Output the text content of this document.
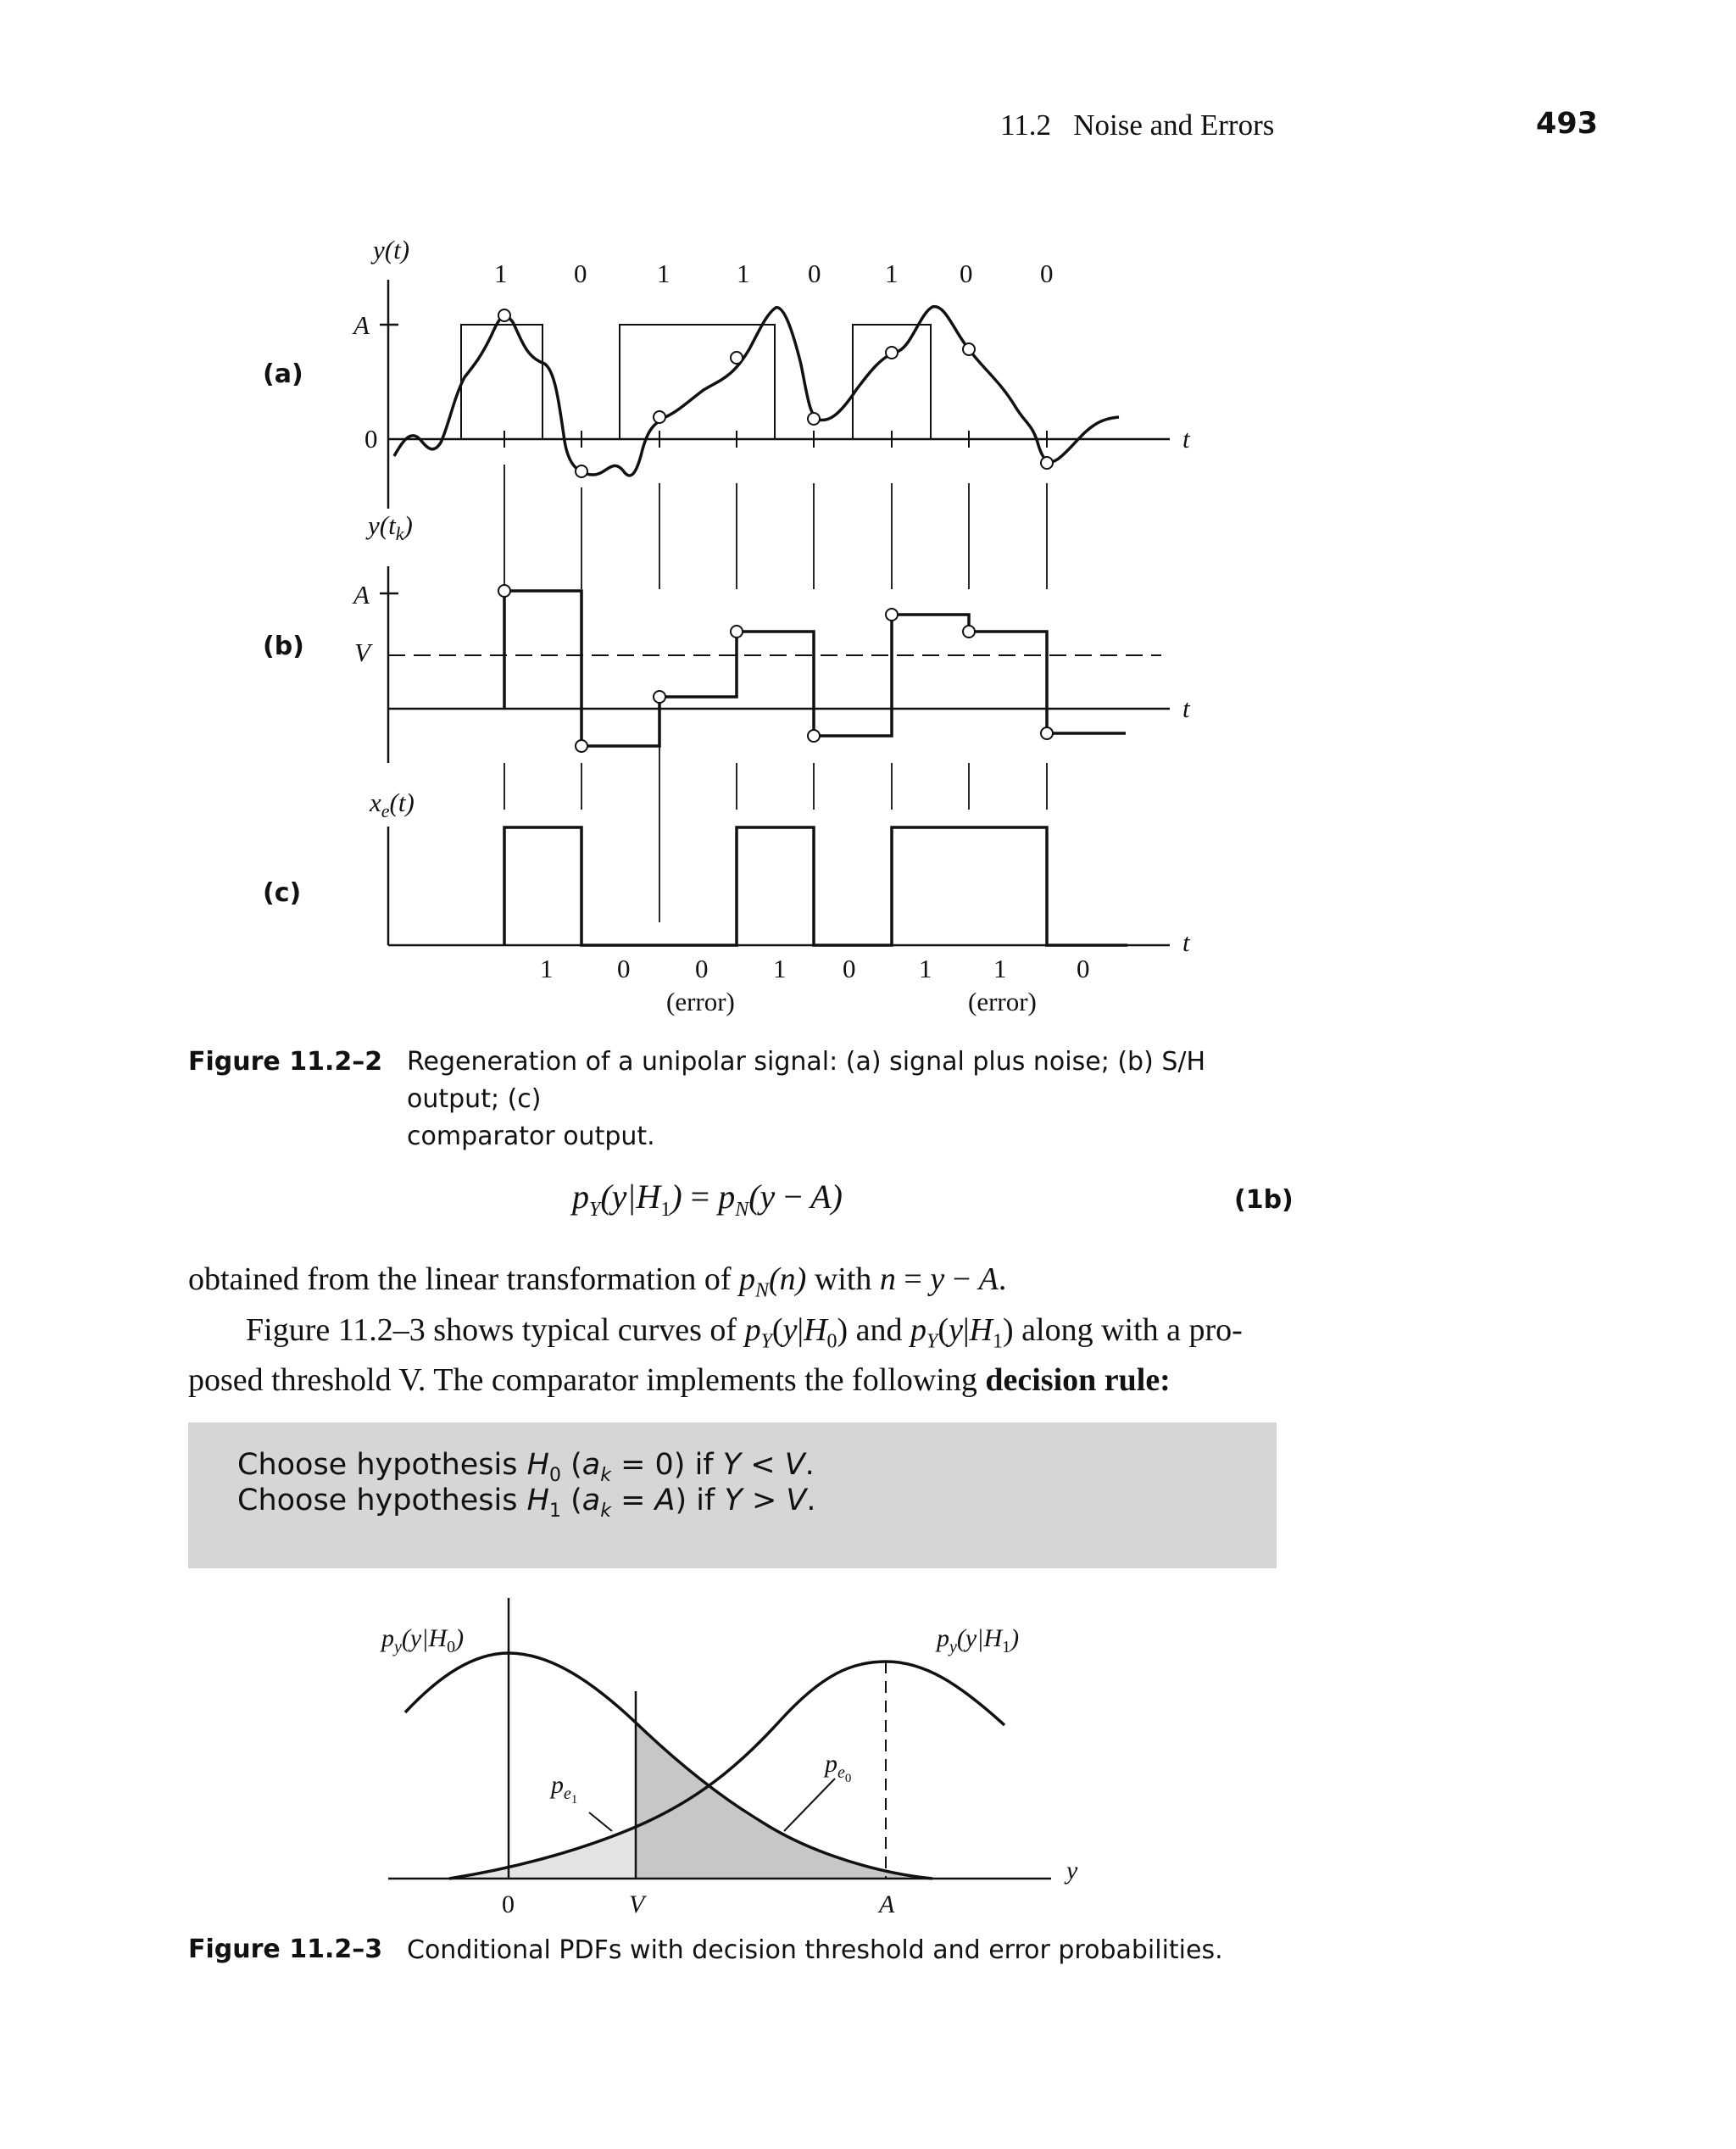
11.2   Noise and Errors	493
(a)
(b)
(c)
y(t)
A
0	t
1	0	1	1 0 1 0	0
$y(t_k)$
A
V
t
$x_e(t)$
t
1 0 0 1 0 1 1	0
(error)	(error)
Figure 11.2–2 Regeneration of a unipolar signal: (a) signal plus noise; (b) S/H output; (c)
comparator output.
$p_Y(y|H_1) = p_N(y - A)$	(1b)
obtained from the linear transformation of $p_N(n)$ with n = y − A.
Figure 11.2–3 shows typical curves of $p_Y(y|H_0)$ and $p_Y(y|H_1)$ along with a pro-
posed threshold V. The comparator implements the following decision rule:
Choose hypothesis $H_0$ $(a_k = 0)$ if Y < V.
Choose hypothesis $H_1$ $(a_k = A)$ if Y > V.
$p_y(y|H_0)$	$p_y(y|H_1)$
$p_e1$
$p_e0$
y
V	A
0
Figure 11.2–3 Conditional PDFs with decision threshold and error probabilities.
